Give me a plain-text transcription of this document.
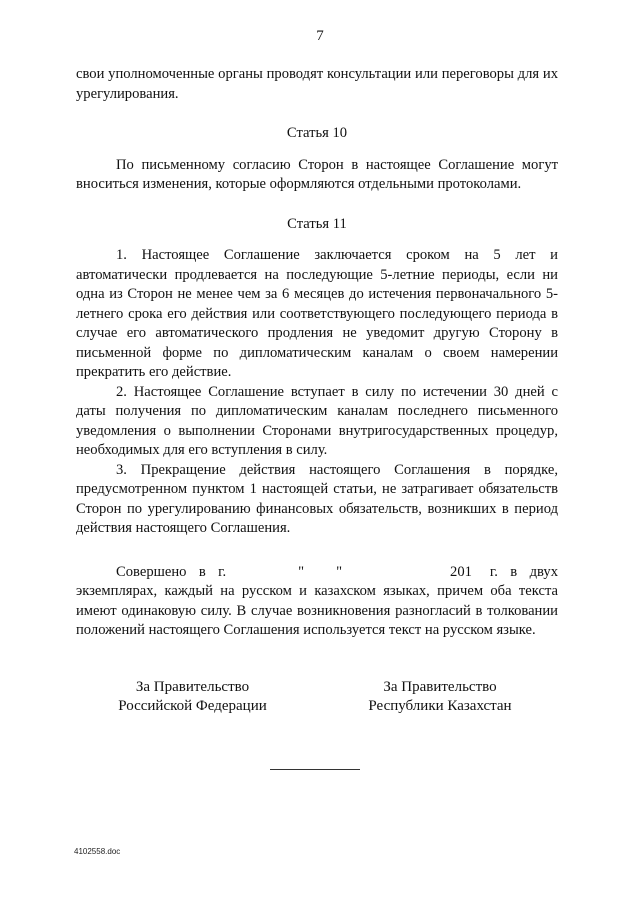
7

свои уполномоченные органы проводят консультации или переговоры для их урегулирования.

Статья 10

По письменному согласию Сторон в настоящее Соглашение могут вноситься изменения, которые оформляются отдельными протоколами.

Статья 11

1. Настоящее Соглашение заключается сроком на 5 лет и автоматически продлевается на последующие 5-летние периоды, если ни одна из Сторон не менее чем за 6 месяцев до истечения первоначального 5-летнего срока его действия или соответствующего последующего периода в случае его автоматического продления не уведомит другую Сторону в письменной форме по дипломатическим каналам о своем намерении прекратить его действие.

2. Настоящее Соглашение вступает в силу по истечении 30 дней с даты получения по дипломатическим каналам последнего письменного уведомления о выполнении Сторонами внутригосударственных процедур, необходимых для его вступления в силу.

3. Прекращение действия настоящего Соглашения в порядке, предусмотренном пунктом 1 настоящей статьи, не затрагивает обязательств Сторон по урегулированию финансовых обязательств, возникших в период действия настоящего Соглашения.

Совершено в г.	" "	201 г. в двух экземплярах, каждый на русском и казахском языках, причем оба текста имеют одинаковую силу. В случае возникновения разногласий в толковании положений настоящего Соглашения используется текст на русском языке.

За Правительство
Российской Федерации
За Правительство
Республики Казахстан
4102558.doc
